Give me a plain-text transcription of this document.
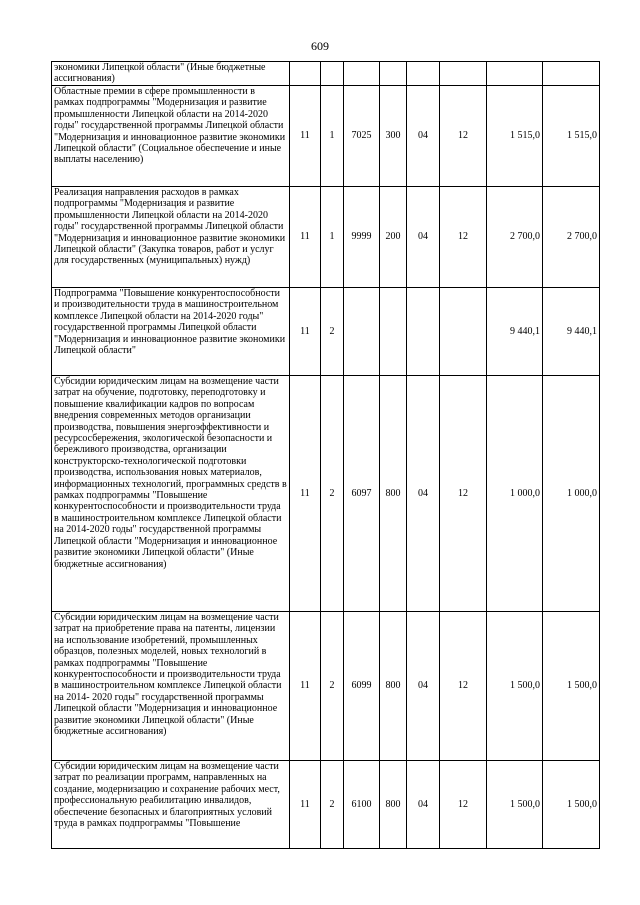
609
экономики Липецкой области" (Иные бюджетные ассигнования)								
Областные премии в сфере промышленности в рамках подпрограммы "Модернизация и развитие промышленности Липецкой области на 2014-2020 годы" государственной программы Липецкой области "Модернизация и инновационное развитие экономики Липецкой области" (Социальное обеспечение и иные выплаты населению)	11	1	7025	300	04	12	1 515,0	1 515,0
Реализация направления расходов в рамках подпрограммы "Модернизация и развитие промышленности Липецкой области на 2014-2020 годы" государственной программы Липецкой области "Модернизация и инновационное развитие экономики Липецкой области" (Закупка товаров, работ и услуг для государственных (муниципальных) нужд)	11	1	9999	200	04	12	2 700,0	2 700,0
Подпрограмма "Повышение конкурентоспособности и производительности труда в машиностроительном комплексе Липецкой области на 2014-2020 годы" государственной программы Липецкой области "Модернизация и инновационное развитие экономики Липецкой области"	11	2					9 440,1	9 440,1
Субсидии юридическим лицам на возмещение части затрат на обучение, подготовку, переподготовку и повышение квалификации кадров по вопросам внедрения современных методов организации производства, повышения энергоэффективности и ресурсосбережения, экологической безопасности и бережливого производства, организации конструкторско-технологической подготовки производства, использования новых материалов, информационных технологий, программных средств в рамках подпрограммы "Повышение конкурентоспособности и производительности труда в машиностроительном комплексе Липецкой области на 2014-2020 годы" государственной программы Липецкой области "Модернизация и инновационное развитие экономики Липецкой области" (Иные бюджетные ассигнования)	11	2	6097	800	04	12	1 000,0	1 000,0
Субсидии юридическим лицам на возмещение части затрат на приобретение права на патенты, лицензии на использование изобретений, промышленных образцов, полезных моделей, новых технологий в рамках подпрограммы "Повышение конкурентоспособности и производительности труда в машиностроительном комплексе Липецкой области на 2014- 2020 годы" государственной программы Липецкой области "Модернизация и инновационное развитие экономики Липецкой области" (Иные бюджетные ассигнования)	11	2	6099	800	04	12	1 500,0	1 500,0
Субсидии юридическим лицам на возмещение части затрат по реализации программ, направленных на создание, модернизацию и сохранение рабочих мест, профессиональную реабилитацию инвалидов, обеспечение безопасных и благоприятных условий труда в рамках подпрограммы "Повышение	11	2	6100	800	04	12	1 500,0	1 500,0
